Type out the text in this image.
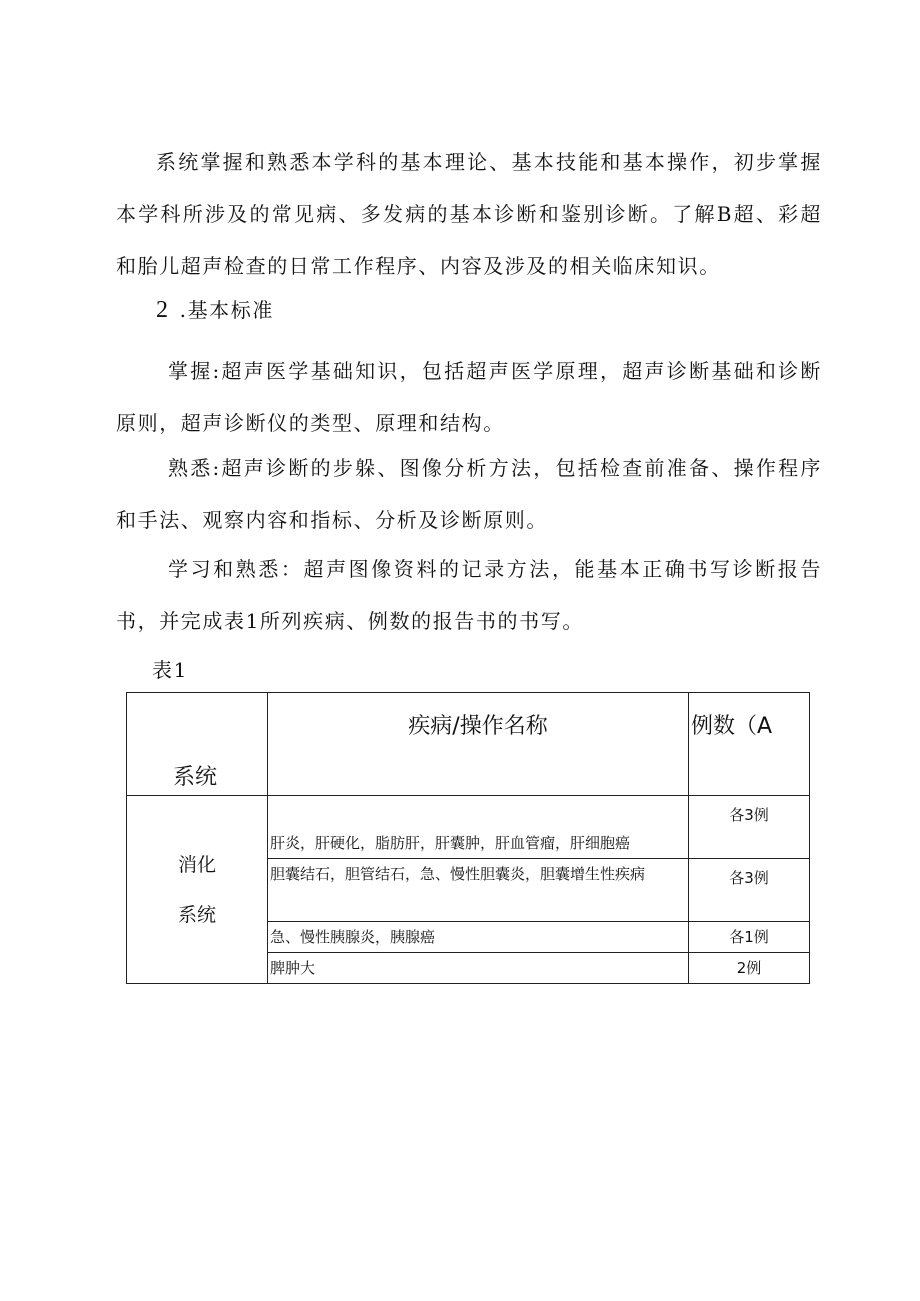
系统掌握和熟悉本学科的基本理论、基本技能和基本操作，初步掌握本学科所涉及的常见病、多发病的基本诊断和鉴别诊断。了解B超、彩超和胎儿超声检查的日常工作程序、内容及涉及的相关临床知识。

2 .基本标准

掌握:超声医学基础知识，包括超声医学原理，超声诊断基础和诊断原则，超声诊断仪的类型、原理和结构。

熟悉:超声诊断的步躲、图像分析方法，包括检查前准备、操作程序和手法、观察内容和指标、分析及诊断原则。

学习和熟悉：超声图像资料的记录方法，能基本正确书写诊断报告书，并完成表1所列疾病、例数的报告书的书写。

表1
系统	疾病/操作名称	例数（A

消化
系统	肝炎，肝硬化，脂肪肝，肝囊肿，肝血管瘤，肝细胞癌	各3例
	胆囊结石，胆管结石，急、慢性胆囊炎，胆囊增生性疾病	各3例
	急、慢性胰腺炎，胰腺癌	各1例
	脾肿大	2例
